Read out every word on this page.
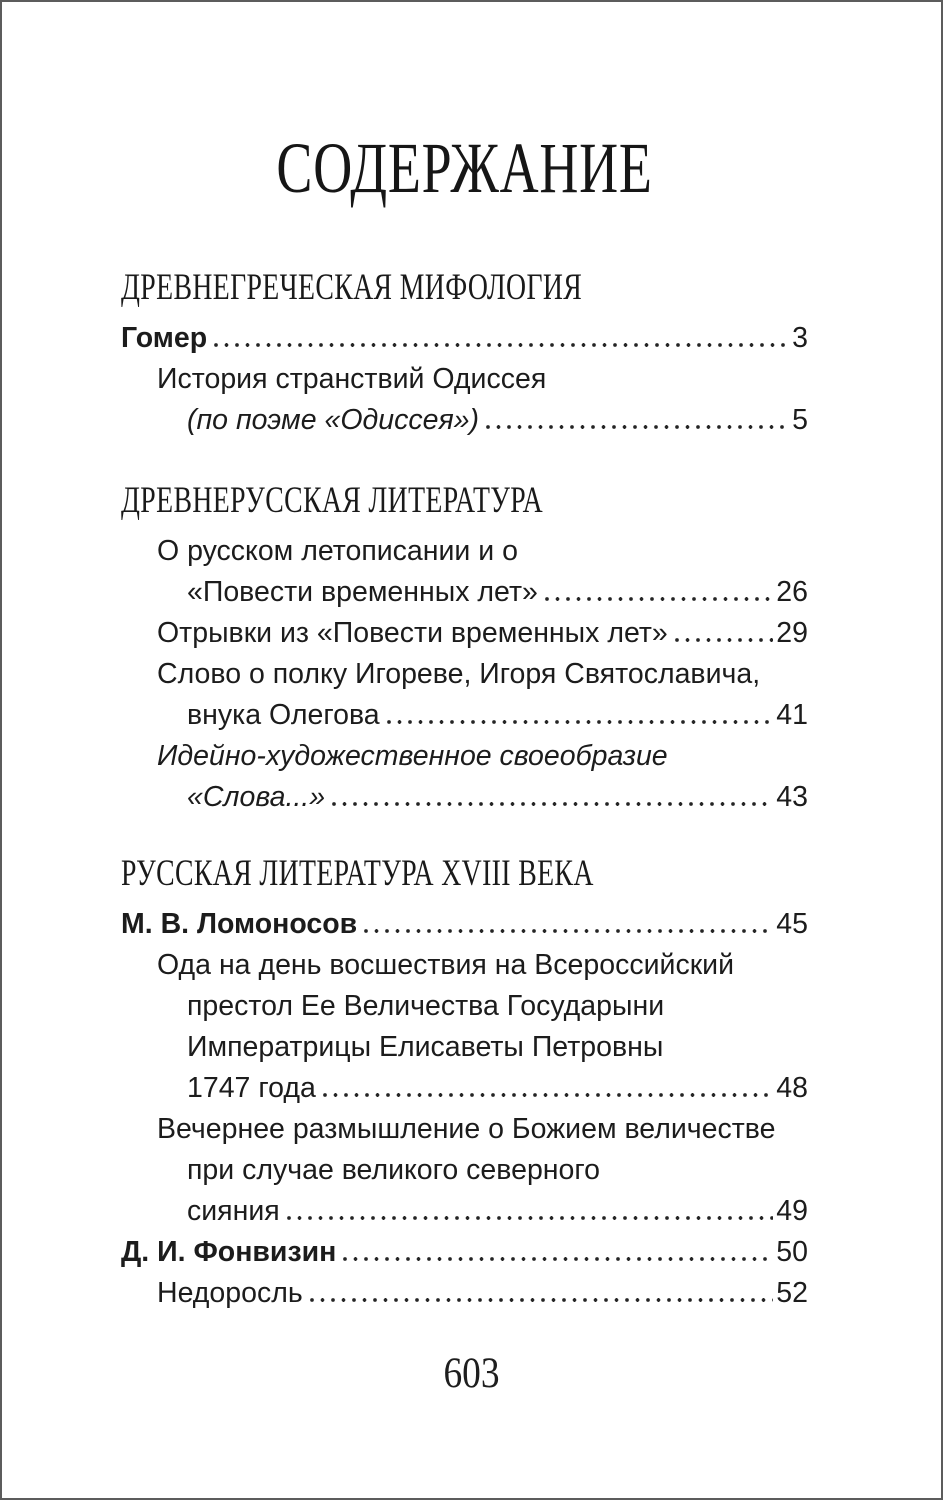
СОДЕРЖАНИЕ
ДРЕВНЕГРЕЧЕСКАЯ МИФОЛОГИЯ
Гомер	3
История странствий Одиссея
(по поэме «Одиссея»)	5
ДРЕВНЕРУССКАЯ ЛИТЕРАТУРА
О русском летописании и о
«Повести временных лет»	26
Отрывки из «Повести временных лет»	29
Слово о полку Игореве, Игоря Святославича,
внука Олегова	41
Идейно-художественное своеобразие
«Слова...»	43
РУССКАЯ ЛИТЕРАТУРА XVIII ВЕКА
М. В. Ломоносов	45
Ода на день восшествия на Всероссийский
престол Ее Величества Государыни
Императрицы Елисаветы Петровны
1747 года	48
Вечернее размышление о Божием величестве
при случае великого северного
сияния	49
Д. И. Фонвизин	50
Недоросль	52
603
